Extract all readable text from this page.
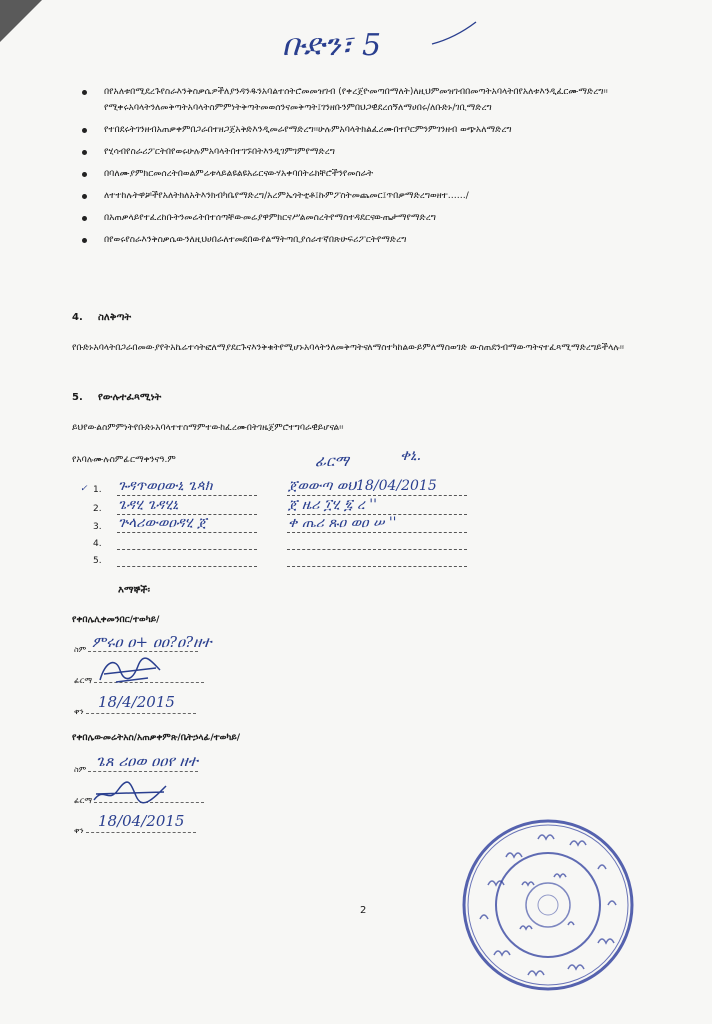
ቡድን፣ 5
በየአለቱበሚደረጉየስራእንቅስቃሴዎችለያንዳንዱንአባልተሰትሮመመዝገብ (የቀረጀዮመጣበማለት)ለዚህምመዝገብበመጣትአባላትበየአለቱእንዲፈርሙማድረግ፡፡የሚቀሩአባላትንለመቅጣትአባላትስምምነትቅጣትመወሰንናመቅጣት፤ገንዘቡንምበህጋዊደረሰኝለማሀበሩ/ለቡድኑ/ገቢማድረግ
የተበደሩትገንዘብአጠቃቀምበጋራበተዘጋጀአቅድእንዲመራየማድረግ፡፡ሁሉምአባላትክልፈረሙበተቦርምንምገንዘብ ወጭአለማድረግ
የሂሳብየስራሪፖርትበየወሩሁሉምአባላትበተገኙበትእንዲገምገምየማድረግ
በባለሙያምክርመሰረትበወልምሬቱላይልዩልዩአሬርናውሃአቀባበትሬክቸሮችንየመስራት
ለተተከሉትዋቻችየአለትክለአትእንክብካቤየማድረግ/አረምኤጎትቲቶ፤ኩምፖስትመጨመር፤ጥበቃማድረግወዘተ……/
በአጠቃላይየተፈረከቡትንመሬትበተሰጣቸውመሬያዋምክርናሥልመስረትየማስተዳደርናውጤታማየማድረግ
በየወሩየስራእንቅስቃሴውንለዚህሀበራለተመደበውየልማትጣቢያሰራተኛበጽሁፍሪፖርትየማድረግ
4. ስለቅጣት
የቡድኑአባላትበጋራበመውያየትአኬሬተሳትፎለማያደርጉናእንቅቁትየሚሆኑአባላትንለመቅጣትናለማስተካከልውይምለማስወገድ ውስጠደንብማውጣትናተፈጻሚማድረግይችላሉ፡፡
5. የውሉተፈጻሚነት
ይህየውልስምምነትየቡድኑአባላተተስማምተውከፈረሙበትገዜጀምሮተግባራዊይሆናል፡፡
የአባሉሙሉስምፊርማቀንናዓ.ም	ፊርማ	ቀኒ.
✓ 1. ጉዳጥወዐውኒ ጌጳክ	ጀወውጣ ወህ18/04/2015
2. ጌዳሂ ጌዳሂኒ	ጀ ዜሪ ፲ሂ ፯ ረ ''
3. ጕላሪውወዐዳሂ ጀ	ቀ ጤሪ ጹዐ ወዐ ሠ ''
4.
5.
እማኞች፡
የቀበሌሊቀመንበር/ተወካይ/
ስም ምሩዐ ዐ+ ዐዐ?ዐ?ዘተ
ፊርማ
ቀን
18/4/2015
የቀበሌውመሬትአስ/አጠቃቀምጽ/ቤትኃላፊ/ተወካይ/
ስም ጌጸ ሪዐወ ዐዐየ ዘተ
ፊርማ
ቀን
18/04/2015
2
